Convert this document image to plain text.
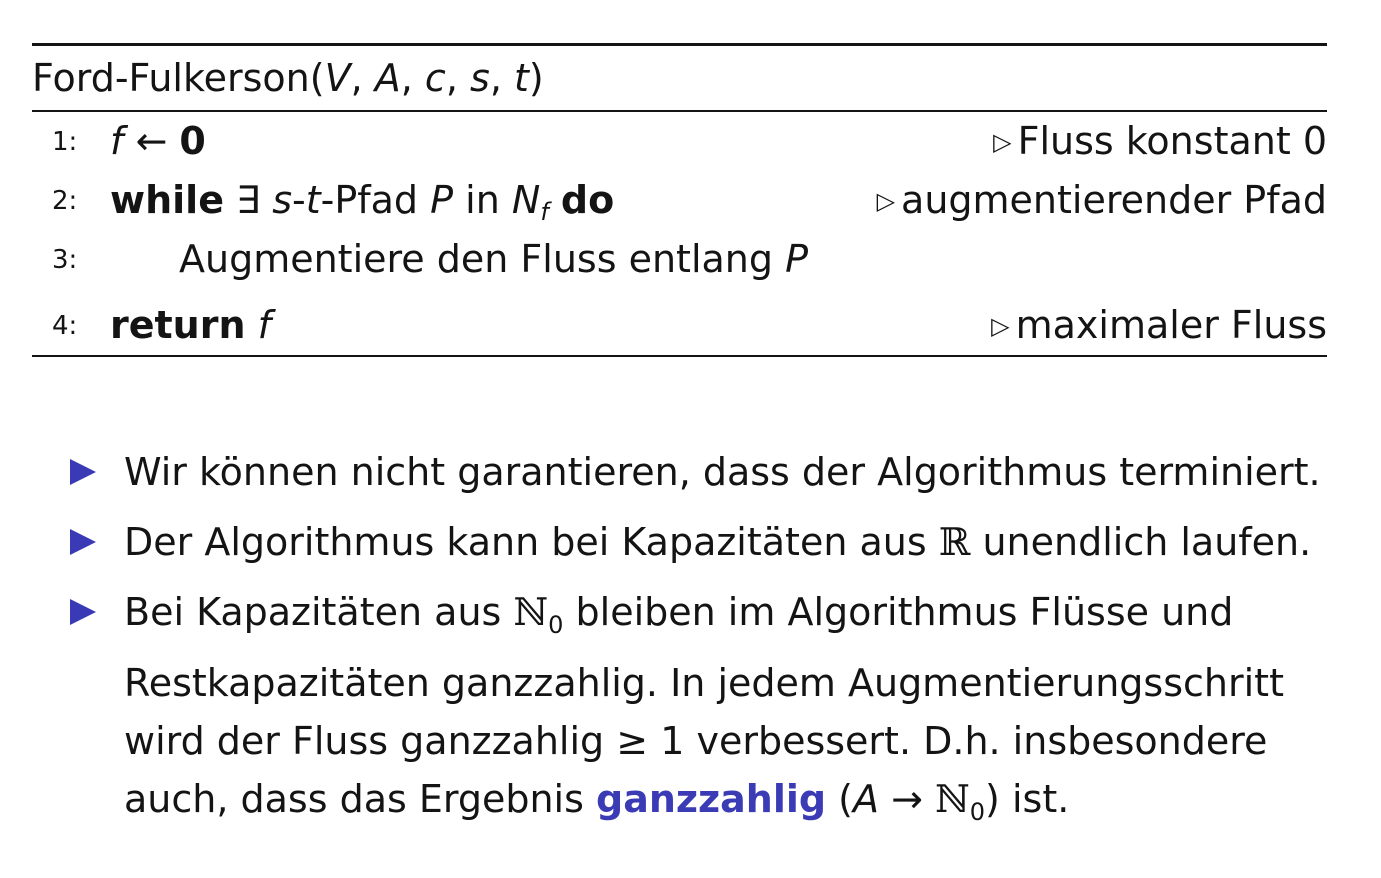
Ford-Fulkerson(V, A, c, s, t)
1: f ← 0	▷ Fluss konstant 0
2: while ∃ s-t-Pfad P in $N_f$ do	▷ augmentierender Pfad
3:	Augmentiere den Fluss entlang P
4: return f	▷ maximaler Fluss
Wir können nicht garantieren, dass der Algorithmus terminiert.
Der Algorithmus kann bei Kapazitäten aus ℝ unendlich laufen.
Bei Kapazitäten aus ℕ$_0$ bleiben im Algorithmus Flüsse und Restkapazitäten ganzzahlig. In jedem Augmentierungsschritt wird der Fluss ganzzahlig ≥ 1 verbessert. D.h. insbesondere auch, dass das Ergebnis ganzzahlig (A → ℕ$_0$) ist.
